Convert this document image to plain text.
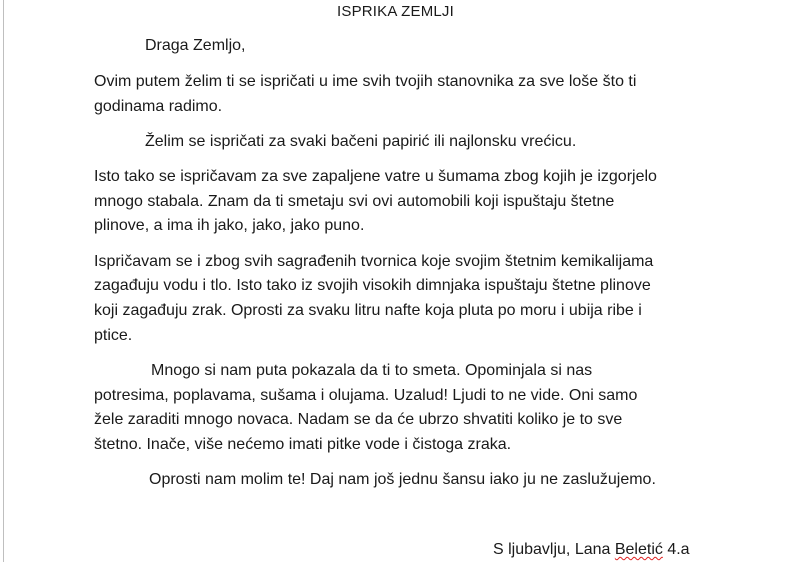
ISPRIKA ZEMLJI
Draga Zemljo,
Ovim putem želim ti se ispričati u ime svih tvojih stanovnika za sve loše što ti
godinama radimo.
Želim se ispričati za svaki bačeni papirić ili najlonsku vrećicu.
Isto tako se ispričavam za sve zapaljene vatre u šumama zbog kojih je izgorjelo
mnogo stabala. Znam da ti smetaju svi ovi automobili koji ispuštaju štetne
plinove, a ima ih jako, jako, jako puno.
Ispričavam se i zbog svih sagrađenih tvornica koje svojim štetnim kemikalijama
zagađuju vodu i tlo. Isto tako iz svojih visokih dimnjaka ispuštaju štetne plinove
koji zagađuju zrak. Oprosti za svaku litru nafte koja pluta po moru i ubija ribe i
ptice.
Mnogo si nam puta pokazala da ti to smeta. Opominjala si nas
potresima, poplavama, sušama i olujama. Uzalud! Ljudi to ne vide. Oni samo
žele zaraditi mnogo novaca. Nadam se da će ubrzo shvatiti koliko je to sve
štetno. Inače, više nećemo imati pitke vode i čistoga zraka.
Oprosti nam molim te! Daj nam još jednu šansu iako ju ne zaslužujemo.
S ljubavlju, Lana Beletić 4.a
